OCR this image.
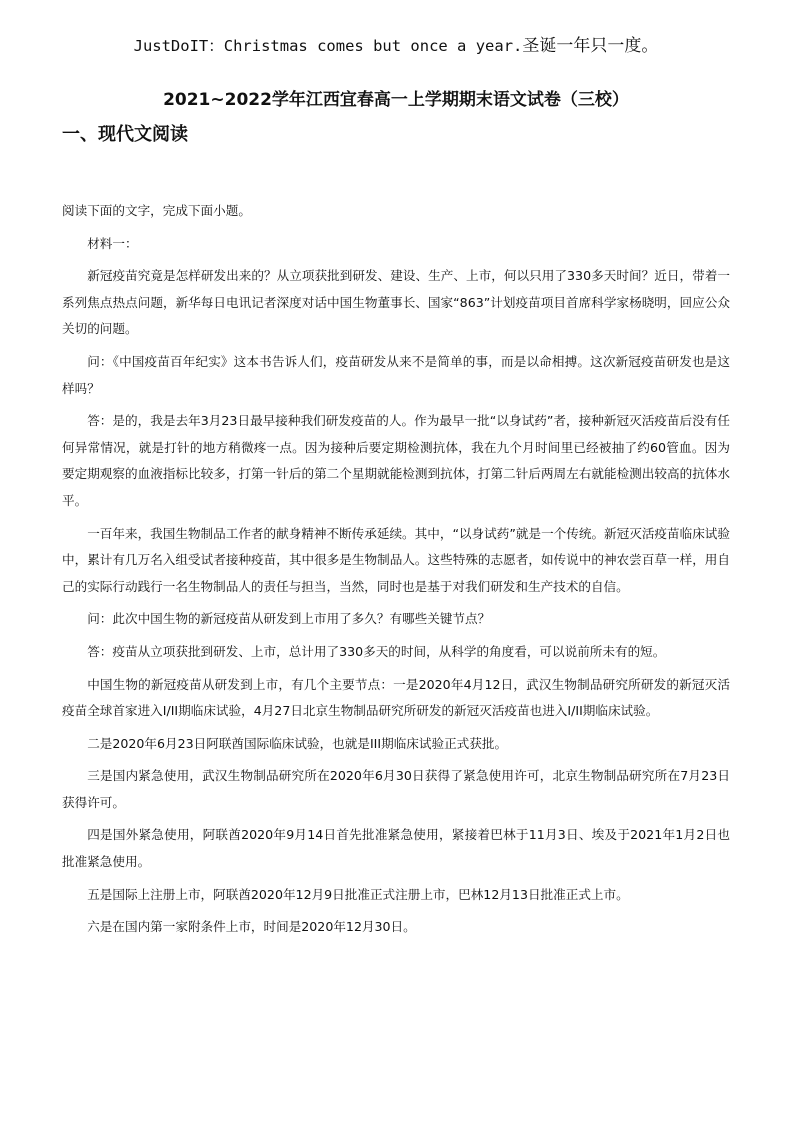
JustDoIT：Christmas comes but once a year.圣诞一年只一度。
2021~2022学年江西宜春高一上学期期末语文试卷（三校）
一、现代文阅读

阅读下面的文字，完成下面小题。

材料一：

新冠疫苗究竟是怎样研发出来的？从立项获批到研发、建设、生产、上市，何以只用了330多天时间？近日，带着一系列焦点热点问题，新华每日电讯记者深度对话中国生物董事长、国家“863”计划疫苗项目首席科学家杨晓明，回应公众关切的问题。

问：《中国疫苗百年纪实》这本书告诉人们，疫苗研发从来不是简单的事，而是以命相搏。这次新冠疫苗研发也是这样吗？

答：是的，我是去年3月23日最早接种我们研发疫苗的人。作为最早一批“以身试药”者，接种新冠灭活疫苗后没有任何异常情况，就是打针的地方稍微疼一点。因为接种后要定期检测抗体，我在九个月时间里已经被抽了约60管血。因为要定期观察的血液指标比较多，打第一针后的第二个星期就能检测到抗体，打第二针后两周左右就能检测出较高的抗体水平。

一百年来，我国生物制品工作者的献身精神不断传承延续。其中，“以身试药”就是一个传统。新冠灭活疫苗临床试验中，累计有几万名入组受试者接种疫苗，其中很多是生物制品人。这些特殊的志愿者，如传说中的神农尝百草一样，用自己的实际行动践行一名生物制品人的责任与担当，当然，同时也是基于对我们研发和生产技术的自信。

问：此次中国生物的新冠疫苗从研发到上市用了多久？有哪些关键节点？

答：疫苗从立项获批到研发、上市，总计用了330多天的时间，从科学的角度看，可以说前所未有的短。

中国生物的新冠疫苗从研发到上市，有几个主要节点：一是2020年4月12日，武汉生物制品研究所研发的新冠灭活疫苗全球首家进入I/II期临床试验，4月27日北京生物制品研究所研发的新冠灭活疫苗也进入I/II期临床试验。

二是2020年6月23日阿联酋国际临床试验，也就是III期临床试验正式获批。

三是国内紧急使用，武汉生物制品研究所在2020年6月30日获得了紧急使用许可，北京生物制品研究所在7月23日获得许可。

四是国外紧急使用，阿联酋2020年9月14日首先批准紧急使用，紧接着巴林于11月3日、埃及于2021年1月2日也批准紧急使用。

五是国际上注册上市，阿联酋2020年12月9日批准正式注册上市，巴林12月13日批准正式上市。

六是在国内第一家附条件上市，时间是2020年12月30日。
